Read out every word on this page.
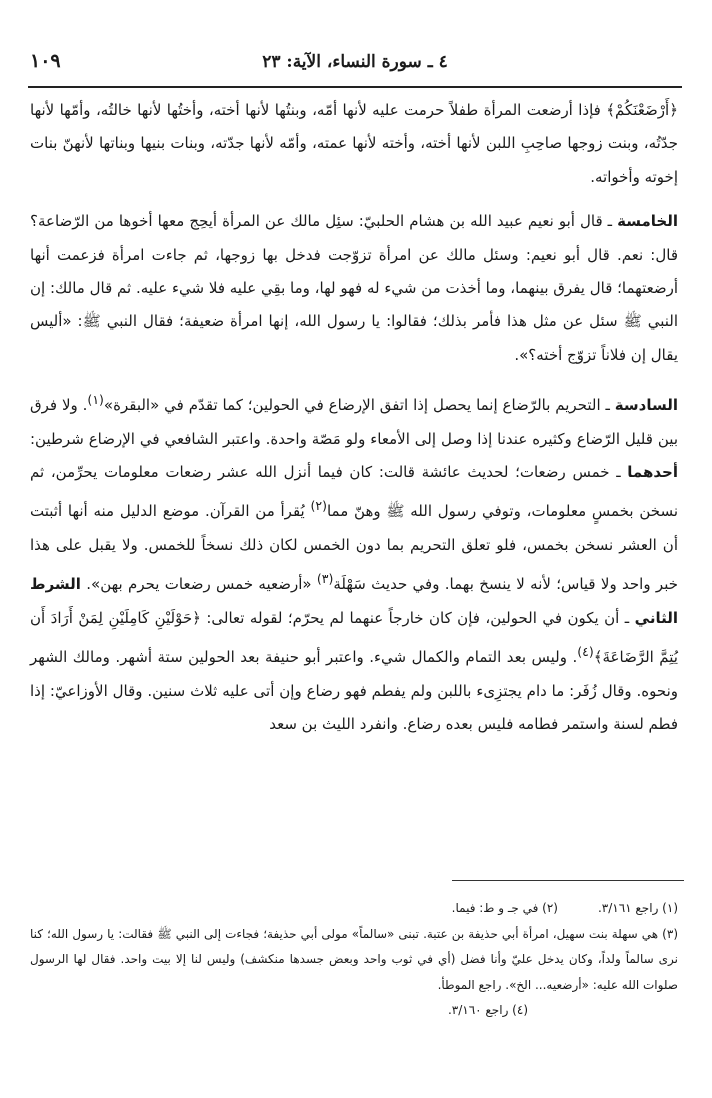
٤ ـ سورة النساء، الآية: ٢٣
١٠٩

﴿أَرْضَعْنَكُمْ﴾ فإذا أرضعت المرأة طفلاً حرمت عليه لأنها أمّه، وبنتُها لأنها أخته، وأختُها لأنها خالتُه، وأمّها لأنها جدّتُه، وبنت زوجها صاحِبِ اللبن لأنها أخته، وأخته لأنها عمته، وأمّه لأنها جدّته، وبنات بنيها وبناتها لأنهنّ بنات إخوته وأخواته.

الخامسة ـ قال أبو نعيم عبيد الله بن هشام الحلبيّ: سئِل مالك عن المرأة أيحِج معها أخوها من الرّضاعة؟ قال: نعم. قال أبو نعيم: وسئل مالك عن امرأة تزوّجت فدخل بها زوجها، ثم جاءت امرأة فزعمت أنها أرضعتهما؛ قال يفرق بينهما، وما أخذت من شيء له فهو لها، وما بقِي عليه فلا شيء عليه. ثم قال مالك: إن النبي ﷺ سئل عن مثل هذا فأمر بذلك؛ فقالوا: يا رسول الله، إنها امرأة ضعيفة؛ فقال النبي ﷺ: «أليس يقال إن فلاناً تزوّج أخته؟».

السادسة ـ التحريم بالرّضاع إنما يحصل إذا اتفق الإرضاع في الحولين؛ كما تقدّم في «البقرة»$^{(١)}$. ولا فرق بين قليل الرّضاع وكثيره عندنا إذا وصل إلى الأمعاء ولو مَصّة واحدة. واعتبر الشافعي في الإرضاع شرطين: أحدهما ـ خمس رضعات؛ لحديث عائشة قالت: كان فيما أنزل الله عشر رضعات معلومات يحرِّمن، ثم نسخن بخمسٍ معلومات، وتوفي رسول الله ﷺ وهنّ مما$^{(٢)}$ يُقرأ من القرآن. موضع الدليل منه أنها أثبتت أن العشر نسخن بخمس، فلو تعلق التحريم بما دون الخمس لكان ذلك نسخاً للخمس. ولا يقبل على هذا خبر واحد ولا قياس؛ لأنه لا ينسخ بهما. وفي حديث سَهْلَة$^{(٣)}$ «أرضعيه خمس رضعات يحرم بهن». الشرط الثاني ـ أن يكون في الحولين، فإن كان خارجاً عنهما لم يحرّم؛ لقوله تعالى: ﴿حَوْلَيْنِ كَامِلَيْنِ لِمَنْ أَرَادَ أَن يُتِمَّ الرَّضَاعَةَ﴾$^{(٤)}$. وليس بعد التمام والكمال شيء. واعتبر أبو حنيفة بعد الحولين ستة أشهر. ومالك الشهر ونحوه. وقال زُفَر: ما دام يجتزِىء باللبن ولم يفطم فهو رضاع وإن أتى عليه ثلاث سنين. وقال الأوزاعيّ: إذا فطم لسنة واستمر فطامه فليس بعده رضاع. وانفرد الليث بن سعد

(١) راجع ٣/١٦١.(٢) في جـ و ط: فيما.

(٣) هي سهلة بنت سهيل، امرأة أبي حذيفة بن عتبة. تبنى «سالماً» مولى أبي حذيفة؛ فجاءت إلى النبي ﷺ فقالت: يا رسول الله؛ كنا نرى سالماً ولداً، وكان يدخل عليّ وأنا فضل (أي في ثوب واحد وبعض جسدها منكشف) وليس لنا إلا بيت واحد. فقال لها الرسول صلوات الله عليه: «أرضعيه... الخ». راجع الموطأ.

(٤) راجع ٣/١٦٠.
